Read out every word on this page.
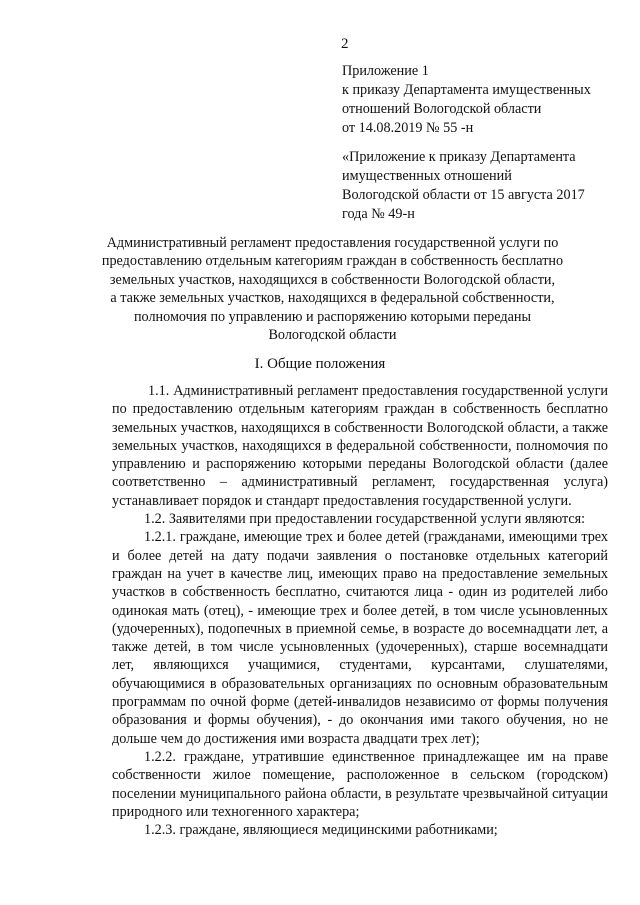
2
Приложение 1
к приказу Департамента имущественных
отношений Вологодской области
от 14.08.2019 № 55 -н
«Приложение к приказу Департамента
имущественных отношений
Вологодской области от 15 августа 2017
года № 49-н
Административный регламент предоставления государственной услуги по
предоставлению отдельным категориям граждан в собственность бесплатно
земельных участков, находящихся в собственности Вологодской области,
а также земельных участков, находящихся в федеральной собственности,
полномочия по управлению и распоряжению которыми переданы
Вологодской области
I. Общие положения
1.1. Административный регламент предоставления государственной услуги по предоставлению отдельным категориям граждан в собственность бесплатно земельных участков, находящихся в собственности Вологодской области, а также земельных участков, находящихся в федеральной собственности, полномочия по управлению и распоряжению которыми переданы Вологодской области (далее соответственно – административный регламент, государственная услуга) устанавливает порядок и стандарт предоставления государственной услуги.
1.2. Заявителями при предоставлении государственной услуги являются:
1.2.1. граждане, имеющие трех и более детей (гражданами, имеющими трех и более детей на дату подачи заявления о постановке отдельных категорий граждан на учет в качестве лиц, имеющих право на предоставление земельных участков в собственность бесплатно, считаются лица - один из родителей либо одинокая мать (отец), - имеющие трех и более детей, в том числе усыновленных (удочеренных), подопечных в приемной семье, в возрасте до восемнадцати лет, а также детей, в том числе усыновленных (удочеренных), старше восемнадцати лет, являющихся учащимися, студентами, курсантами, слушателями, обучающимися в образовательных организациях по основным образовательным программам по очной форме (детей-инвалидов независимо от формы получения образования и формы обучения), - до окончания ими такого обучения, но не дольше чем до достижения ими возраста двадцати трех лет);
1.2.2. граждане, утратившие единственное принадлежащее им на праве собственности жилое помещение, расположенное в сельском (городском) поселении муниципального района области, в результате чрезвычайной ситуации природного или техногенного характера;
1.2.3. граждане, являющиеся медицинскими работниками;
